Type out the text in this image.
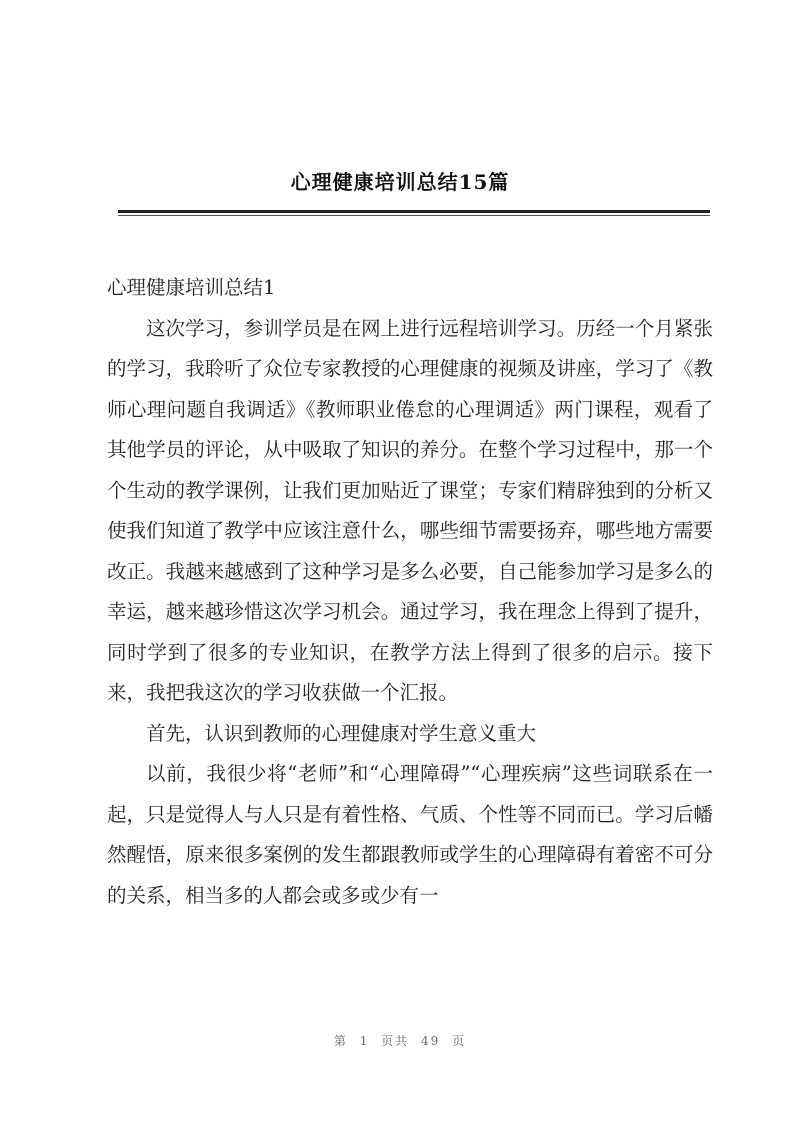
心理健康培训总结15篇

心理健康培训总结1

这次学习，参训学员是在网上进行远程培训学习。历经一个月紧张的学习，我聆听了众位专家教授的心理健康的视频及讲座，学习了《教师心理问题自我调适》《教师职业倦怠的心理调适》两门课程，观看了其他学员的评论，从中吸取了知识的养分。在整个学习过程中，那一个个生动的教学课例，让我们更加贴近了课堂；专家们精辟独到的分析又使我们知道了教学中应该注意什么，哪些细节需要扬弃，哪些地方需要改正。我越来越感到了这种学习是多么必要，自己能参加学习是多么的幸运，越来越珍惜这次学习机会。通过学习，我在理念上得到了提升，同时学到了很多的专业知识，在教学方法上得到了很多的启示。接下来，我把我这次的学习收获做一个汇报。

首先，认识到教师的心理健康对学生意义重大

以前，我很少将“老师”和“心理障碍”“心理疾病”这些词联系在一起，只是觉得人与人只是有着性格、气质、个性等不同而已。学习后幡然醒悟，原来很多案例的发生都跟教师或学生的心理障碍有着密不可分的关系，相当多的人都会或多或少有一

第 1 页共 49 页
